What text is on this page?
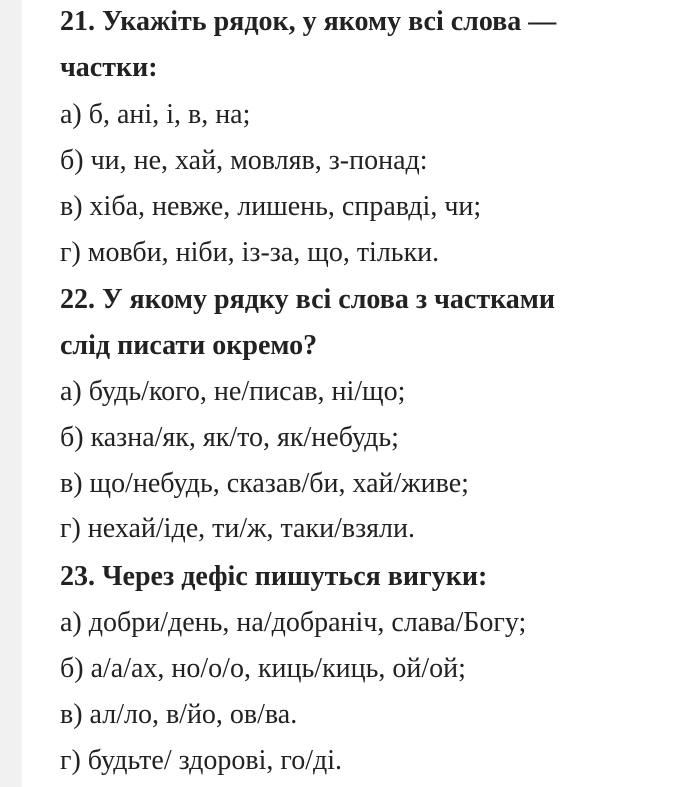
21. Укажіть рядок, у якому всі слова —
частки:
а) б, ані, і, в, на;
б) чи, не, хай, мовляв, з-понад:
в) хіба, невже, лишень, справді, чи;
г) мовби, ніби, із-за, що, тільки.
22. У якому рядку всі слова з частками
слід писати окремо?
а) будь/кого, не/писав, ні/що;
б) казна/як, як/то, як/небудь;
в) що/небудь, сказав/би, хай/живе;
г) нехай/іде, ти/ж, таки/взяли.
23. Через дефіс пишуться вигуки:
а) добри/день, на/добраніч, слава/Богу;
б) а/а/ах, но/о/о, киць/киць, ой/ой;
в) ал/ло, в/йо, ов/ва.
г) будьте/ здорові, го/ді.
